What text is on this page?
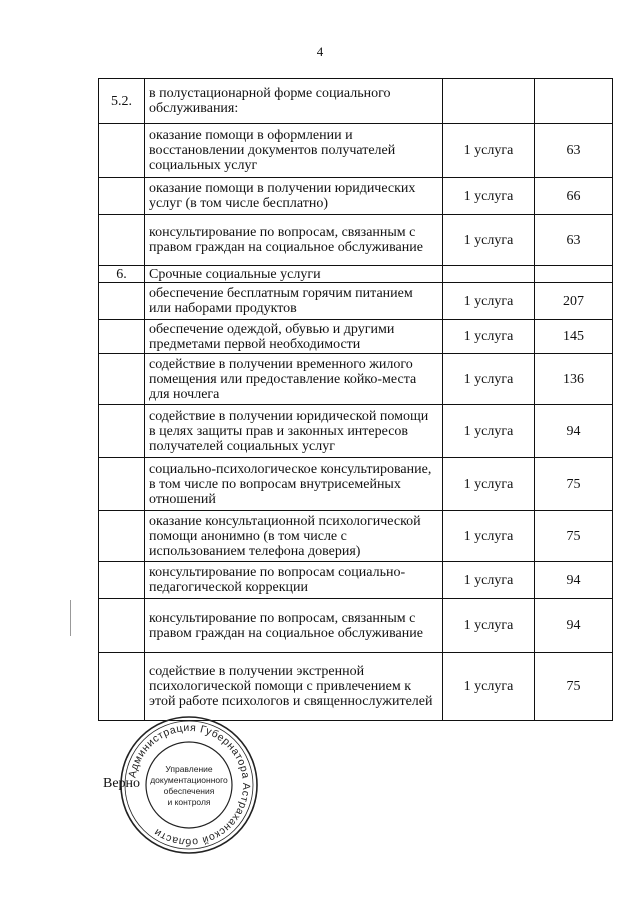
4
5.2.	в полустационарной форме социального обслуживания:		
	оказание помощи в оформлении и восстановлении документов получателей социальных услуг	1 услуга	63
	оказание помощи в получении юридических услуг (в том числе бесплатно)	1 услуга	66
	консультирование по вопросам, связанным с правом граждан на социальное обслуживание	1 услуга	63
6.	Срочные социальные услуги		
	обеспечение бесплатным горячим питанием или наборами продуктов	1 услуга	207
	обеспечение одеждой, обувью и другими предметами первой необходимости	1 услуга	145
	содействие в получении временного жилого помещения или предоставление койко-места для ночлега	1 услуга	136
	содействие в получении юридической помощи в целях защиты прав и законных интересов получателей социальных услуг	1 услуга	94
	социально-психологическое консультирование, в том числе по вопросам внутрисемейных отношений	1 услуга	75
	оказание консультационной психологической помощи анонимно (в том числе с использованием телефона доверия)	1 услуга	75
	консультирование по вопросам социально-педагогической коррекции	1 услуга	94
	консультирование по вопросам, связанным с правом граждан на социальное обслуживание	1 услуга	94
	содействие в получении экстренной психологической помощи с привлечением к этой работе психологов и священнослужителей	1 услуга	75
Верно
Администрация Губернатора Астраханской области
Управление
документационного
обеспечения
и контроля
